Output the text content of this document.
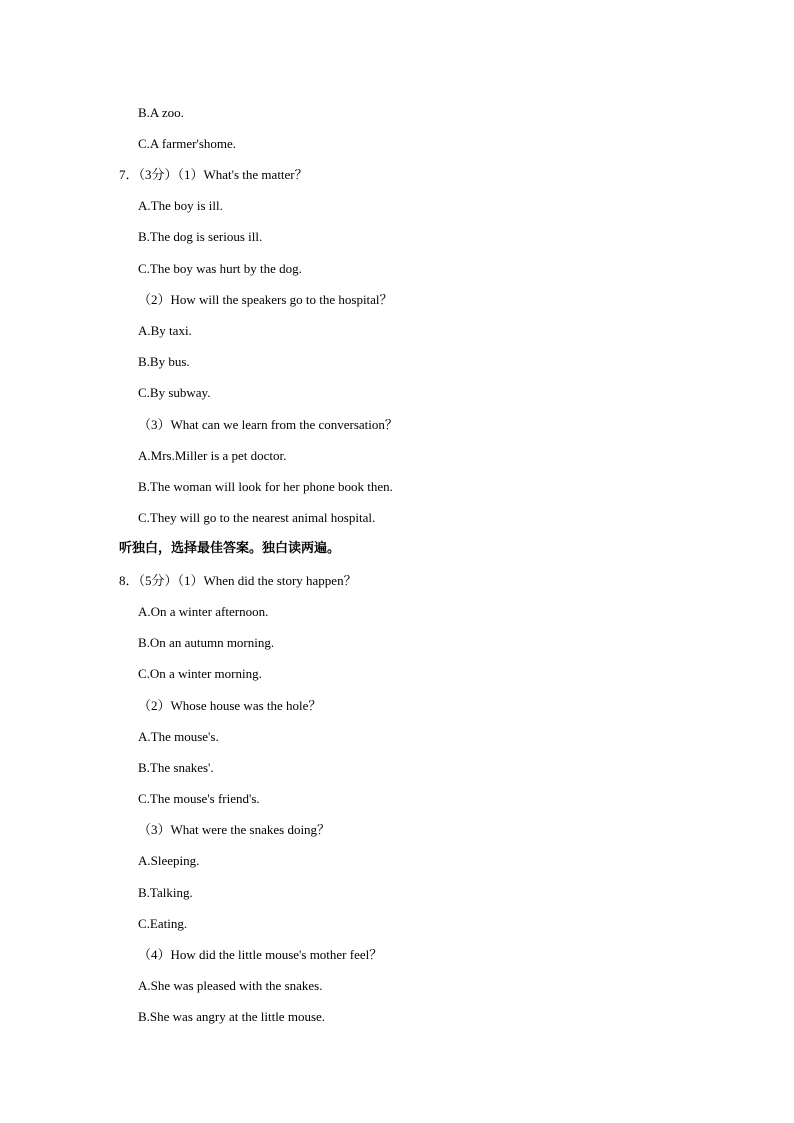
B.A zoo.
C.A farmer'shome.
7．（3分）（1）What's the matter？
A.The boy is ill.
B.The dog is serious ill.
C.The boy was hurt by the dog.
（2）How will the speakers go to the hospital？
A.By taxi.
B.By bus.
C.By subway.
（3）What can we learn from the conversation？
A.Mrs.Miller is a pet doctor.
B.The woman will look for her phone book then.
C.They will go to the nearest animal hospital.
听独白，选择最佳答案。独白读两遍。
8．（5分）（1）When did the story happen？
A.On a winter afternoon.
B.On an autumn morning.
C.On a winter morning.
（2）Whose house was the hole？
A.The mouse's.
B.The snakes'.
C.The mouse's friend's.
（3）What were the snakes doing？
A.Sleeping.
B.Talking.
C.Eating.
（4）How did the little mouse's mother feel？
A.She was pleased with the snakes.
B.She was angry at the little mouse.
